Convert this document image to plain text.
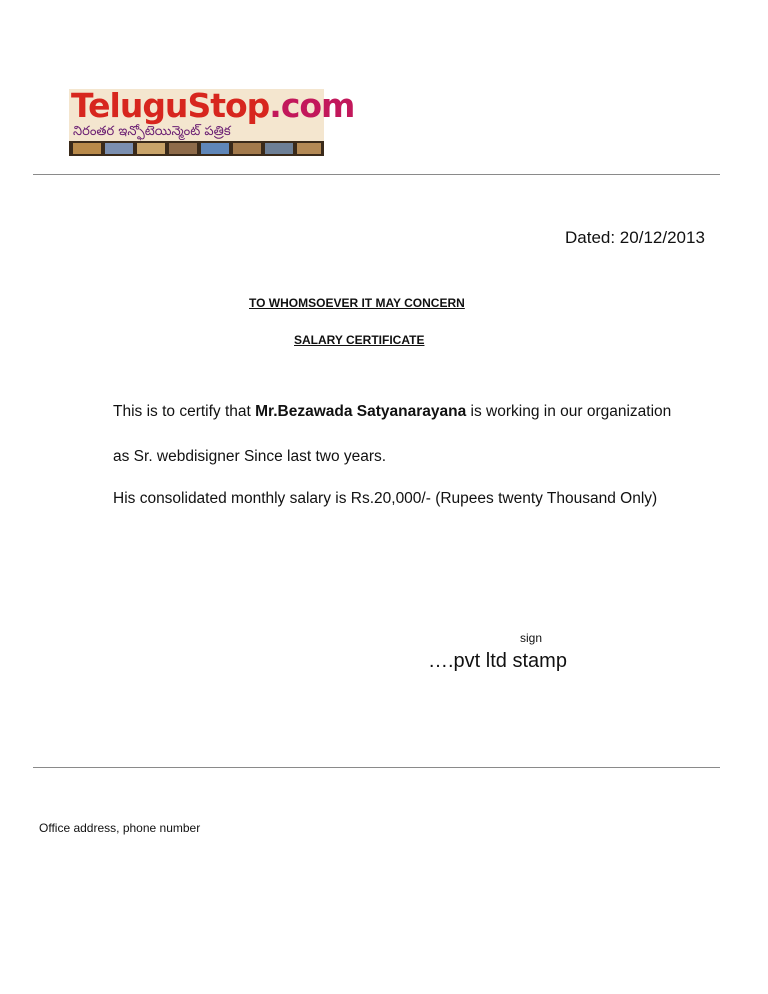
TeluguStop.com
నిరంతర ఇన్ఫోటెయిన్మెంట్ పత్రిక
Dated: 20/12/2013
TO WHOMSOEVER IT MAY CONCERN
SALARY CERTIFICATE
This is to certify that Mr.Bezawada Satyanarayana is working in our organization
as Sr. webdisigner Since last two years.
His consolidated monthly salary is Rs.20,000/- (Rupees twenty Thousand Only)
sign
….pvt ltd stamp
Office address, phone number
